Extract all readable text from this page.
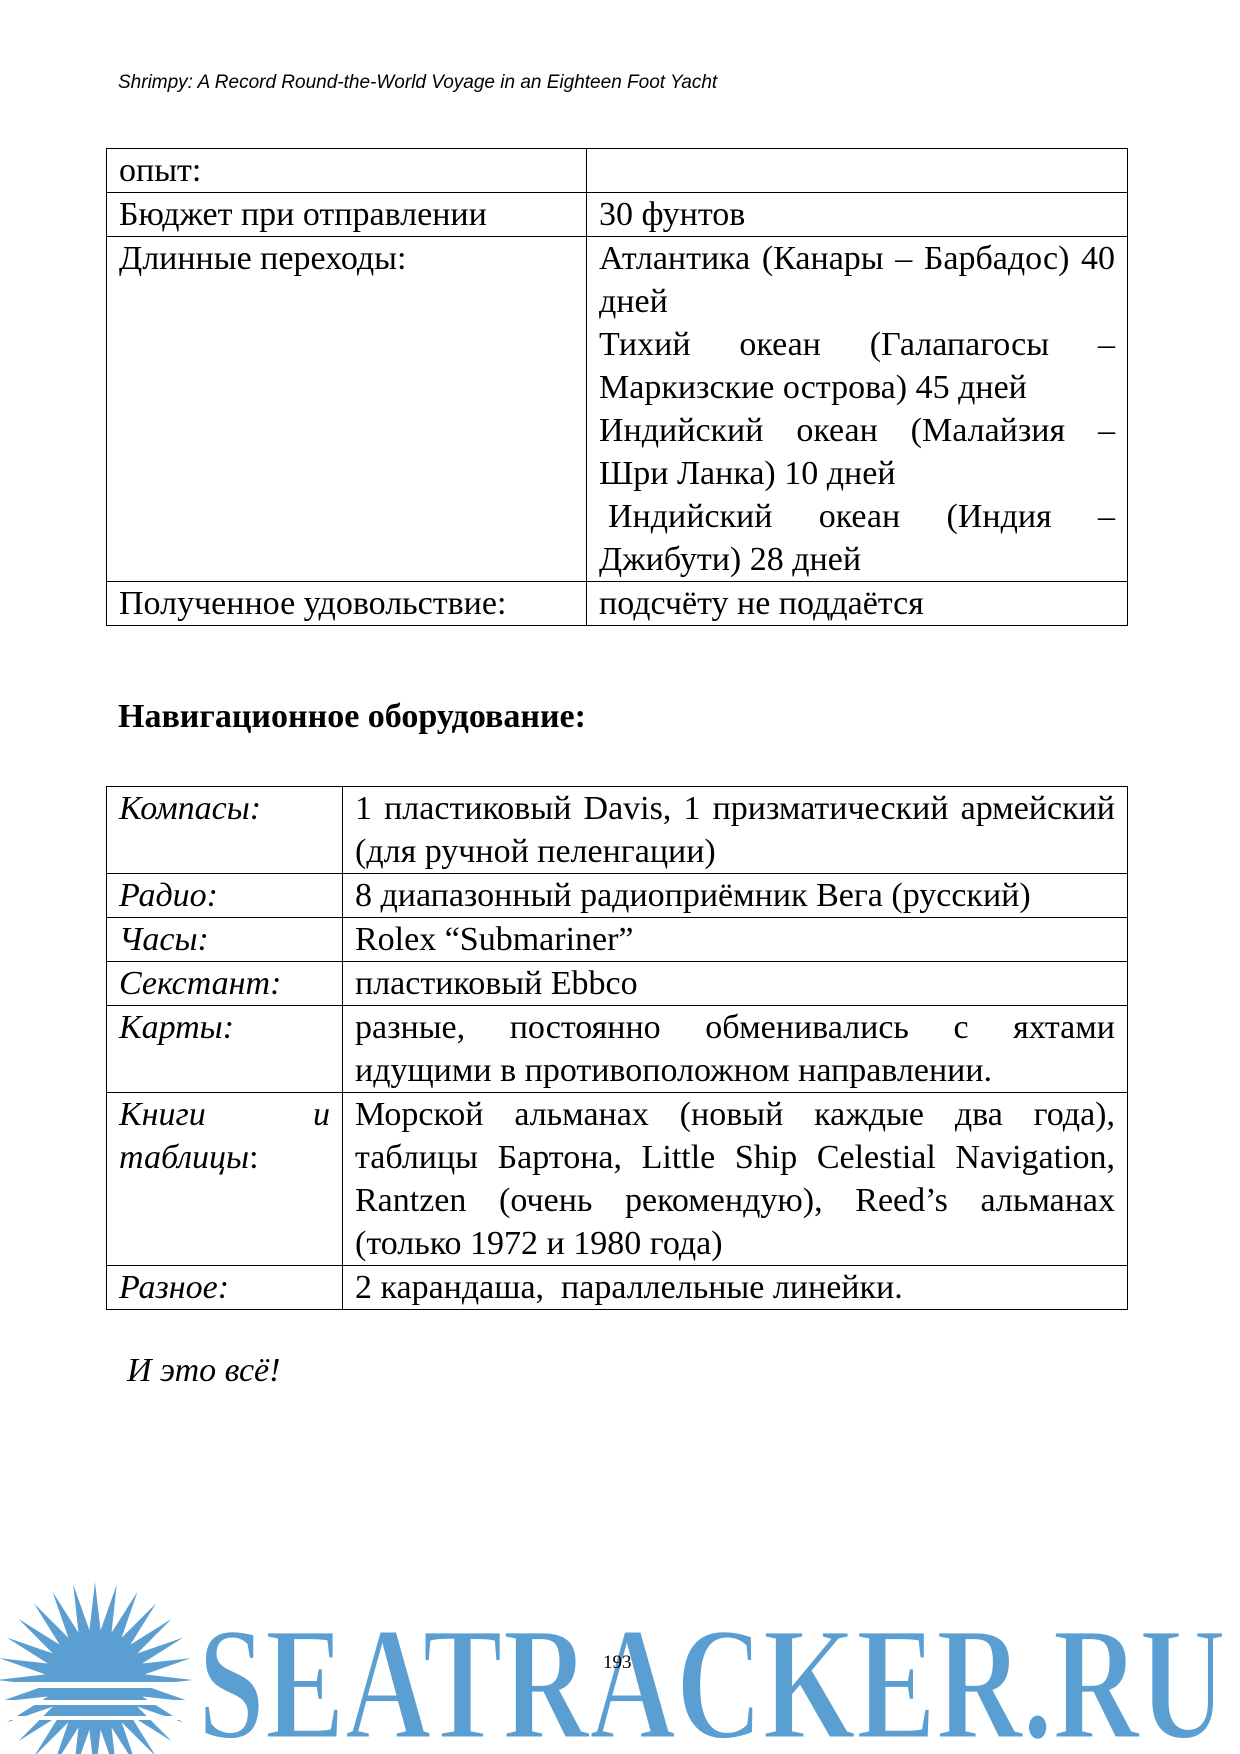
Shrimpy: A Record Round-the-World Voyage in an Eighteen Foot Yacht
опыт:	
Бюджет при отправлении	30 фунтов
Длинные переходы:	Атлантика (Канары – Барбадос) 40 дней

Тихий океан (Галапагосы – Маркизские острова) 45 дней

Индийский океан (Малайзия – Шри Ланка) 10 дней

Индийский океан (Индия – Джибути) 28 дней

Полученное удовольствие:	подсчёту не поддаётся
Навигационное оборудование:
Компасы:	1 пластиковый Davis, 1 призматический армейский (для ручной пеленгации)

Радио:	8 диапазонный радиоприёмник Вега (русский)

Часы:	Rolex “Submariner”

Секстант:	пластиковый Ebbco

Карты:	разные, постоянно обменивались с яхтами идущими в противоположном направлении.

Книги и
таблицы:	Морской альманах (новый каждые два года), таблицы Бартона, Little Ship Celestial Navigation, Rantzen (очень рекомендую), Reed’s альманах (только 1972 и 1980 года)

Разное:	2 карандаша,  параллельные линейки.

И это всё!
SEATRACKER.RU
193
